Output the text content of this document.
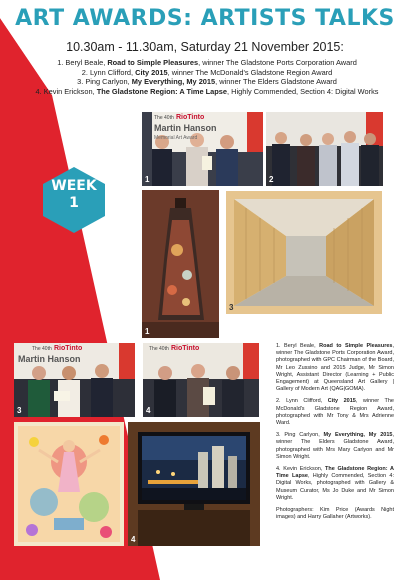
ART AWARDS: ARTISTS TALKS
10.30am - 11.30am, Saturday 21 November 2015:
1. Beryl Beale, Road to Simple Pleasures, winner The Gladstone Ports Corporation Award
2. Lynn Clifford, City 2015, winner The McDonald's Gladstone Region Award
3. Ping Carlyon, My Everything, My 2015, winner The Elders Gladstone Award
4. Kevin Erickson, The Gladstone Region: A Time Lapse, Highly Commended, Section 4: Digital Works
WEEK
1
The 40th RioTinto
Martin Hanson
Memorial Art Award
1	2
1
3
The 40th RioTinto
Martin Hanson
3
The 40th RioTinto
4
4

1. Beryl Beale, Road to Simple Pleasures, winner The Gladstone Ports Corporation Award, photographed with GPC Chairman of the Board, Mr Leo Zussino and 2015 Judge, Mr Simon Wright, Assistant Director (Learning + Public Engagement) at Queensland Art Gallery | Gallery of Modern Art (QAG|GOMA).

2. Lynn Clifford, City 2015, winner The McDonald's Gladstone Region Award, photographed with Mr Tony & Mrs Adrienne Ward.

3. Ping Carlyon, My Everything, My 2015, winner The Elders Gladstone Award, photographed with Mrs Mary Carlyon and Mr Simon Wright.

4. Kevin Erickson, The Gladstone Region: A Time Lapse, Highly Commended, Section 4: Digital Works, photographed with Gallery & Museum Curator, Ms Jo Duke and Mr Simon Wright.

Photographers: Kim Price (Awards Night images) and Harry Gallaher (Artworks).
